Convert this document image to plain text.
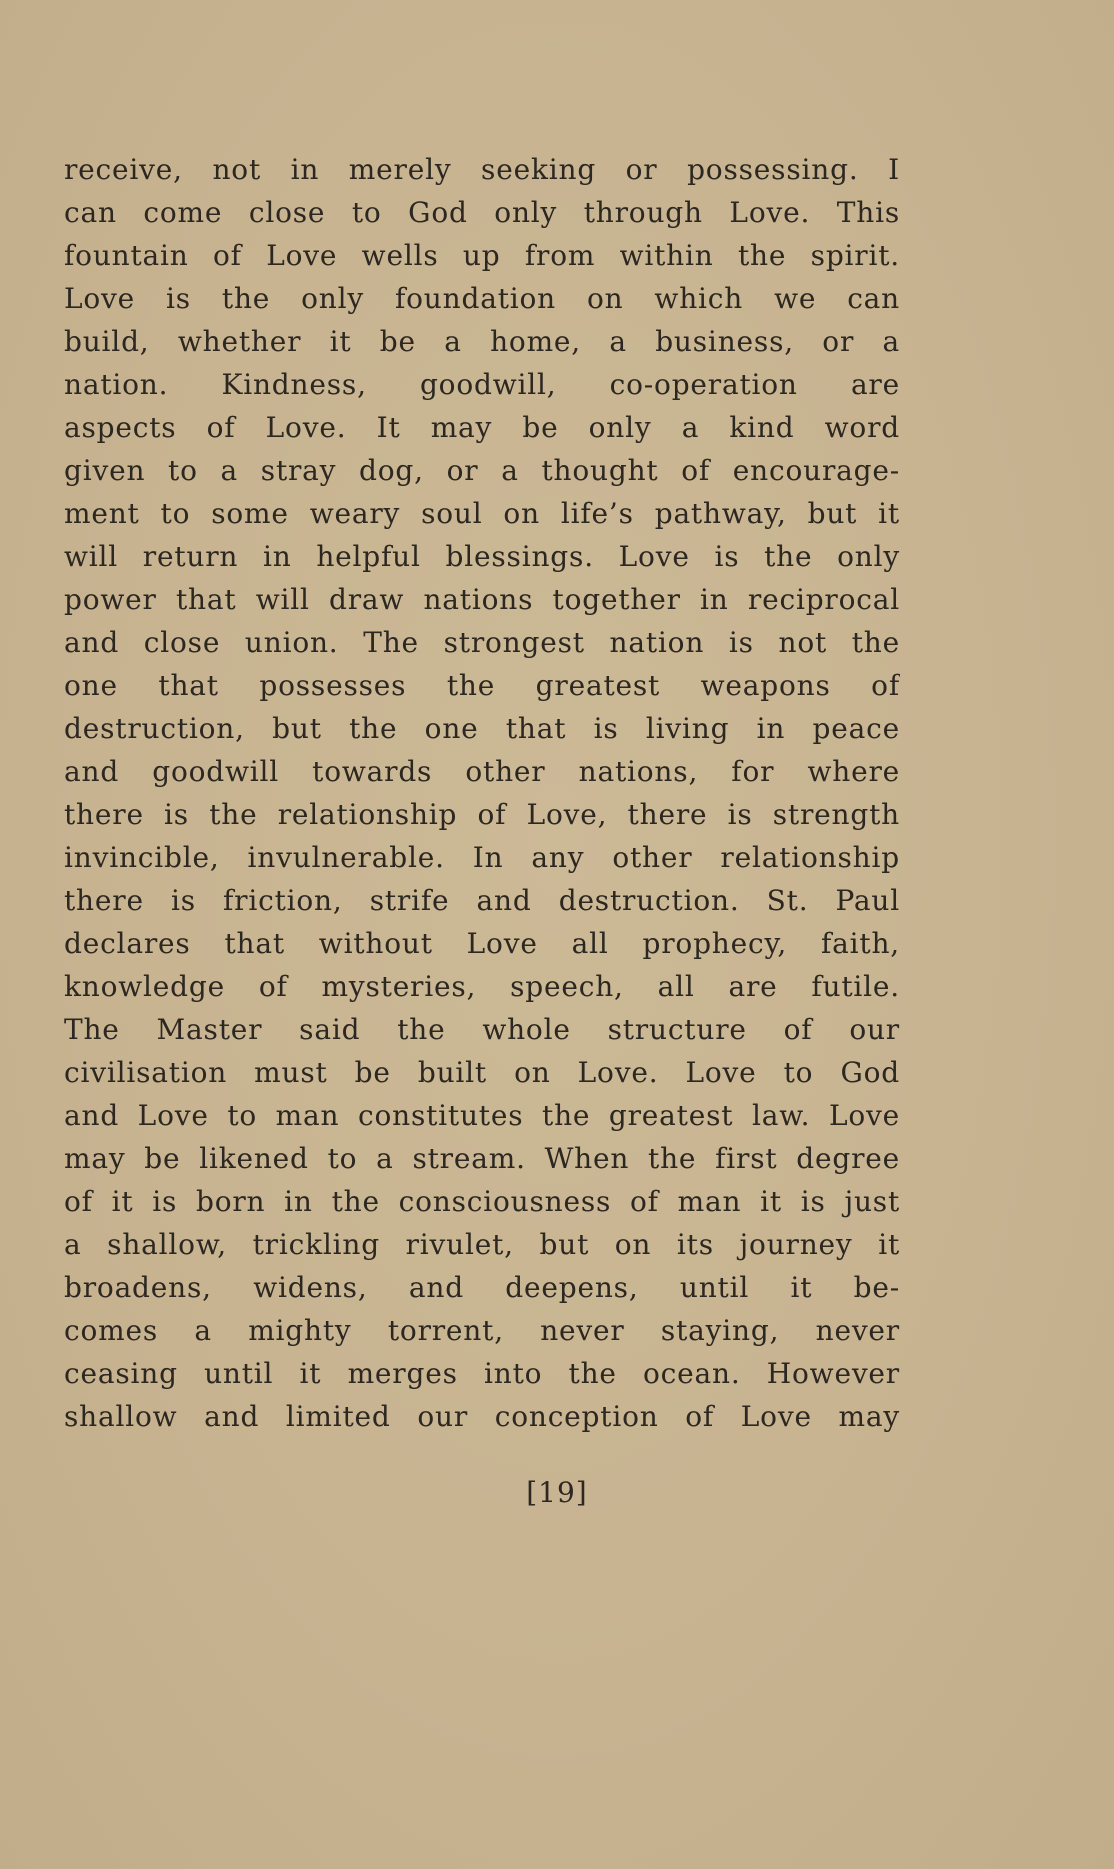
receive, not in merely seeking or possessing. I
can come close to God only through Love. This
fountain of Love wells up from within the spirit.
Love is the only foundation on which we can
build, whether it be a home, a business, or a
nation. Kindness, goodwill, co-operation are
aspects of Love. It may be only a kind word
given to a stray dog, or a thought of encourage-
ment to some weary soul on life’s pathway, but it
will return in helpful blessings. Love is the only
power that will draw nations together in reciprocal
and close union. The strongest nation is not the
one that possesses the greatest weapons of
destruction, but the one that is living in peace
and goodwill towards other nations, for where
there is the relationship of Love, there is strength
invincible, invulnerable. In any other relationship
there is friction, strife and destruction. St. Paul
declares that without Love all prophecy, faith,
knowledge of mysteries, speech, all are futile.
The Master said the whole structure of our
civilisation must be built on Love. Love to God
and Love to man constitutes the greatest law. Love
may be likened to a stream. When the first degree
of it is born in the consciousness of man it is just
a shallow, trickling rivulet, but on its journey it
broadens, widens, and deepens, until it be-
comes a mighty torrent, never staying, never
ceasing until it merges into the ocean. However
shallow and limited our conception of Love may
[19]
